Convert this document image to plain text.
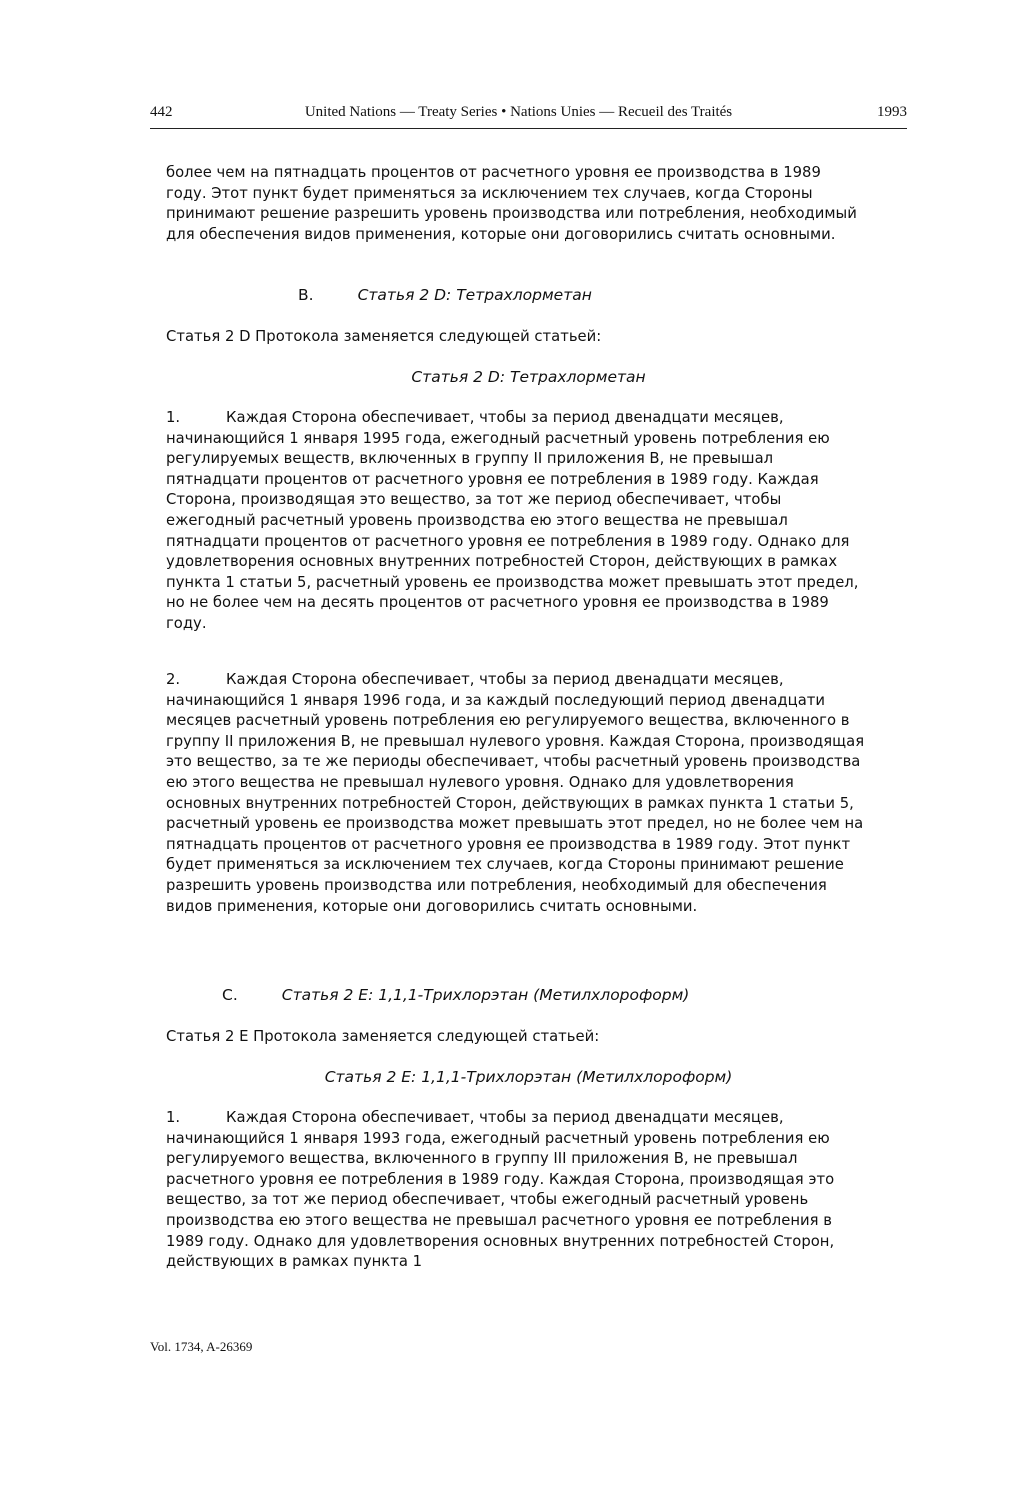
442	United Nations — Treaty Series • Nations Unies — Recueil des Traités	1993

более чем на пятнадцать процентов от расчетного уровня ее производства в 1989 году. Этот пункт будет применяться за исключением тех случаев, когда Стороны принимают решение разрешить уровень производства или потребления, необходимый для обеспечения видов применения, которые они договорились считать основными.

B.	Статья 2 D: Тетрахлорметан

Статья 2 D Протокола заменяется следующей статьей:

Статья 2 D: Тетрахлорметан

1.	Каждая Сторона обеспечивает, чтобы за период двенадцати месяцев, начинающийся 1 января 1995 года, ежегодный расчетный уровень потребления ею регулируемых веществ, включенных в группу II приложения B, не превышал пятнадцати процентов от расчетного уровня ее потребления в 1989 году. Каждая Сторона, производящая это вещество, за тот же период обеспечивает, чтобы ежегодный расчетный уровень производства ею этого вещества не превышал пятнадцати процентов от расчетного уровня ее потребления в 1989 году. Однако для удовлетворения основных внутренних потребностей Сторон, действующих в рамках пункта 1 статьи 5, расчетный уровень ее производства может превышать этот предел, но не более чем на десять процентов от расчетного уровня ее производства в 1989 году.

2.	Каждая Сторона обеспечивает, чтобы за период двенадцати месяцев, начинающийся 1 января 1996 года, и за каждый последующий период двенадцати месяцев расчетный уровень потребления ею регулируемого вещества, включенного в группу II приложения B, не превышал нулевого уровня. Каждая Сторона, производящая это вещество, за те же периоды обеспечивает, чтобы расчетный уровень производства ею этого вещества не превышал нулевого уровня. Однако для удовлетворения основных внутренних потребностей Сторон, действующих в рамках пункта 1 статьи 5, расчетный уровень ее производства может превышать этот предел, но не более чем на пятнадцать процентов от расчетного уровня ее производства в 1989 году. Этот пункт будет применяться за исключением тех случаев, когда Стороны принимают решение разрешить уровень производства или потребления, необходимый для обеспечения видов применения, которые они договорились считать основными.

C.	Статья 2 E: 1,1,1-Трихлорэтан (Метилхлороформ)

Статья 2 E Протокола заменяется следующей статьей:

Статья 2 E: 1,1,1-Трихлорэтан (Метилхлороформ)

1.	Каждая Сторона обеспечивает, чтобы за период двенадцати месяцев, начинающийся 1 января 1993 года, ежегодный расчетный уровень потребления ею регулируемого вещества, включенного в группу III приложения B, не превышал расчетного уровня ее потребления в 1989 году. Каждая Сторона, производящая это вещество, за тот же период обеспечивает, чтобы ежегодный расчетный уровень производства ею этого вещества не превышал расчетного уровня ее потребления в 1989 году. Однако для удовлетворения основных внутренних потребностей Сторон, действующих в рамках пункта 1

Vol. 1734, A-26369
